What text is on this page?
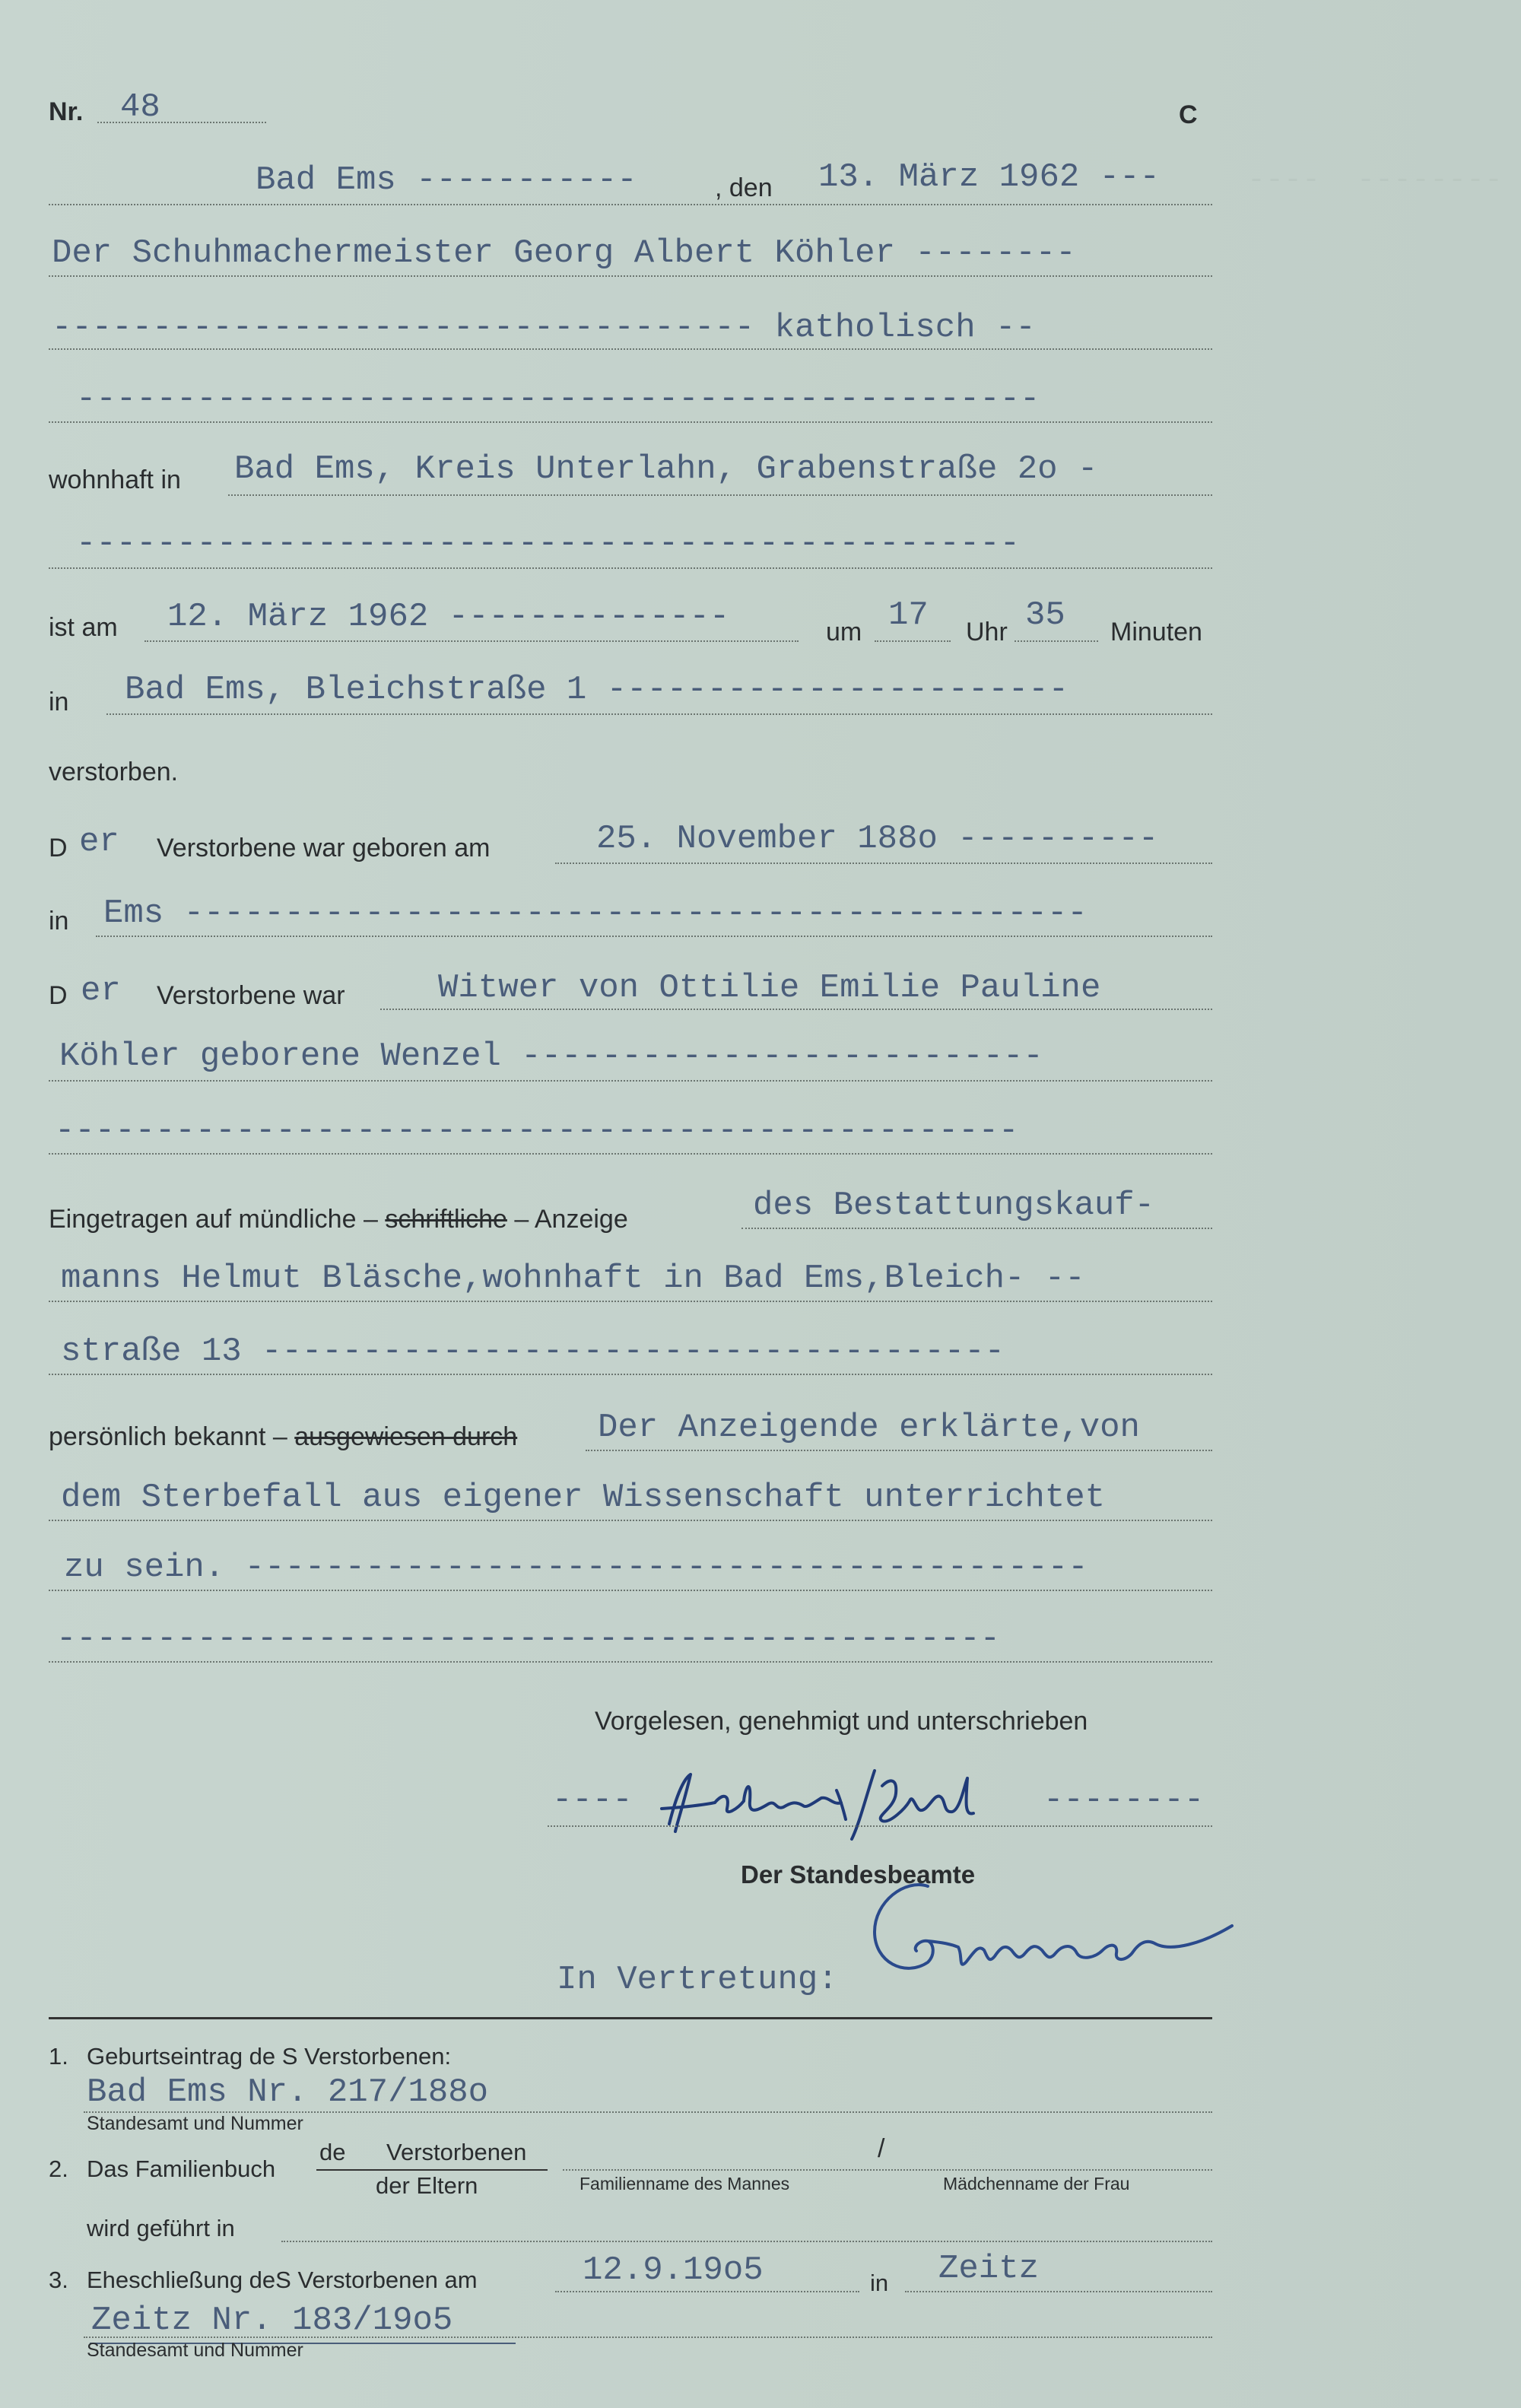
----  --------
Nr. 48	C
Bad Ems -----------	, den 13. März 1962 ---
Der Schuhmachermeister Georg Albert Köhler --------
----------------------------------- katholisch --
------------------------------------------------
wohnhaft in Bad Ems, Kreis Unterlahn, Grabenstraße 2o -
-----------------------------------------------
ist am 12. März 1962 --------------	um 17 Uhr 35 Minuten
in Bad Ems, Bleichstraße 1 -----------------------
verstorben.
D er Verstorbene war geboren am	25. November 188o ----------
in Ems ---------------------------------------------
D er Verstorbene war	Witwer von Ottilie Emilie Pauline
Köhler geborene Wenzel --------------------------
------------------------------------------------
Eingetragen auf mündliche – schriftliche – Anzeige	des Bestattungskauf-
manns Helmut Bläsche,wohnhaft in Bad Ems,Bleich- --
straße 13 -------------------------------------
persönlich bekannt – ausgewiesen durch Der Anzeigende erklärte,von
dem Sterbefall aus eigener Wissenschaft unterrichtet
zu sein. ------------------------------------------
-----------------------------------------------
Vorgelesen, genehmigt und unterschrieben
----	--------
Der Standesbeamte
In Vertretung:
1. Geburtseintrag de S Verstorbenen:
Bad Ems Nr. 217/188o
Standesamt und Nummer
2. Das Familienbuch
de Verstorbenen
der Eltern
/
Familienname des Mannes	Mädchenname der Frau
wird geführt in
3. Eheschließung deS Verstorbenen am	12.9.19o5	in Zeitz
Zeitz Nr. 183/19o5
Standesamt und Nummer
